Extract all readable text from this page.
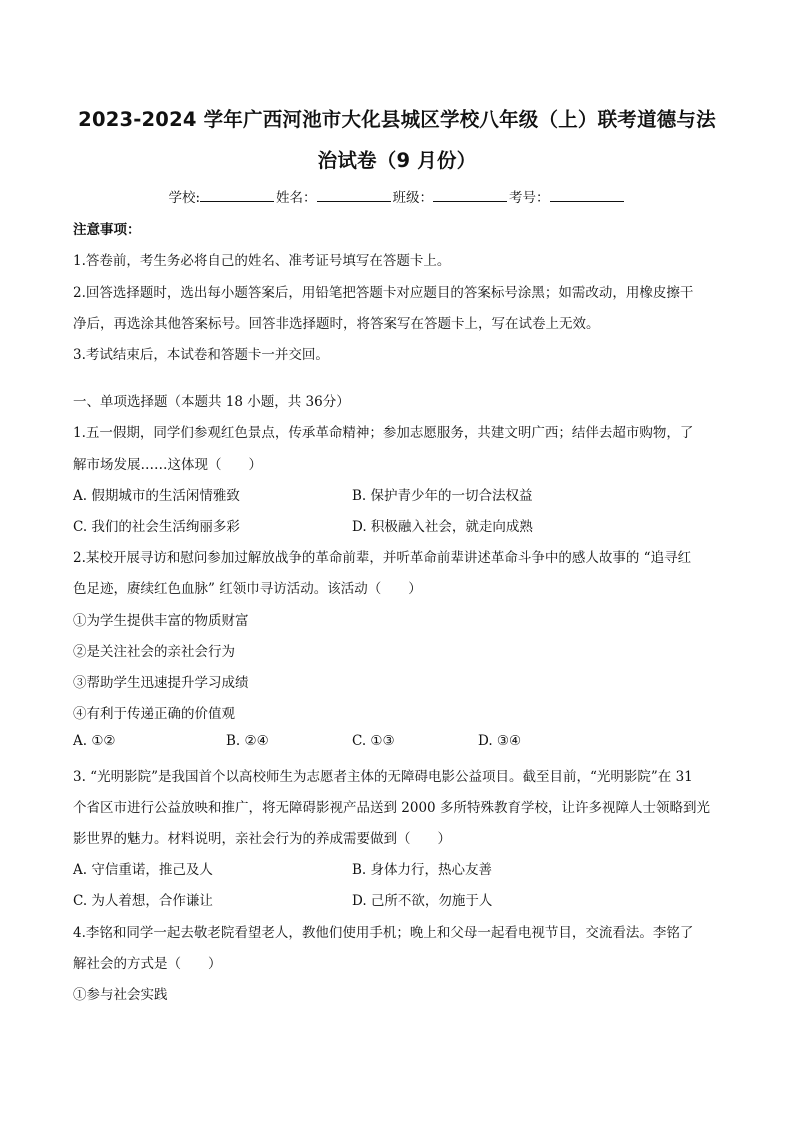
2023-2024 学年广西河池市大化县城区学校八年级（上）联考道德与法
治试卷（9 月份）
学校:	姓名：	班级：	考号：
注意事项：
1.答卷前，考生务必将自己的姓名、准考证号填写在答题卡上。
2.回答选择题时，选出每小题答案后，用铅笔把答题卡对应题目的答案标号涂黑；如需改动，用橡皮擦干
净后，再选涂其他答案标号。回答非选择题时，将答案写在答题卡上，写在试卷上无效。
3.考试结束后，本试卷和答题卡一并交回。
一、单项选择题（本题共 18 小题，共 36分）
1.五一假期，同学们参观红色景点，传承革命精神；参加志愿服务，共建文明广西；结伴去超市购物，了
解市场发展……这体现（　　）
A. 假期城市的生活闲情雅致	B. 保护青少年的一切合法权益
C. 我们的社会生活绚丽多彩	D. 积极融入社会，就走向成熟
2.某校开展寻访和慰问参加过解放战争的革命前辈，并听革命前辈讲述革命斗争中的感人故事的 “追寻红
色足迹，赓续红色血脉” 红领巾寻访活动。该活动（　　）
①为学生提供丰富的物质财富
②是关注社会的亲社会行为
③帮助学生迅速提升学习成绩
④有利于传递正确的价值观
A. ①②	B. ②④	C. ①③	D. ③④
3. “光明影院”是我国首个以高校师生为志愿者主体的无障碍电影公益项目。截至目前，“光明影院”在 31
个省区市进行公益放映和推广，将无障碍影视产品送到 2000 多所特殊教育学校，让许多视障人士领略到光
影世界的魅力。材料说明，亲社会行为的养成需要做到（　　）
A. 守信重诺，推己及人	B. 身体力行，热心友善
C. 为人着想，合作谦让	D. 己所不欲，勿施于人
4.李铭和同学一起去敬老院看望老人，教他们使用手机；晚上和父母一起看电视节目，交流看法。李铭了
解社会的方式是（　　）
①参与社会实践
